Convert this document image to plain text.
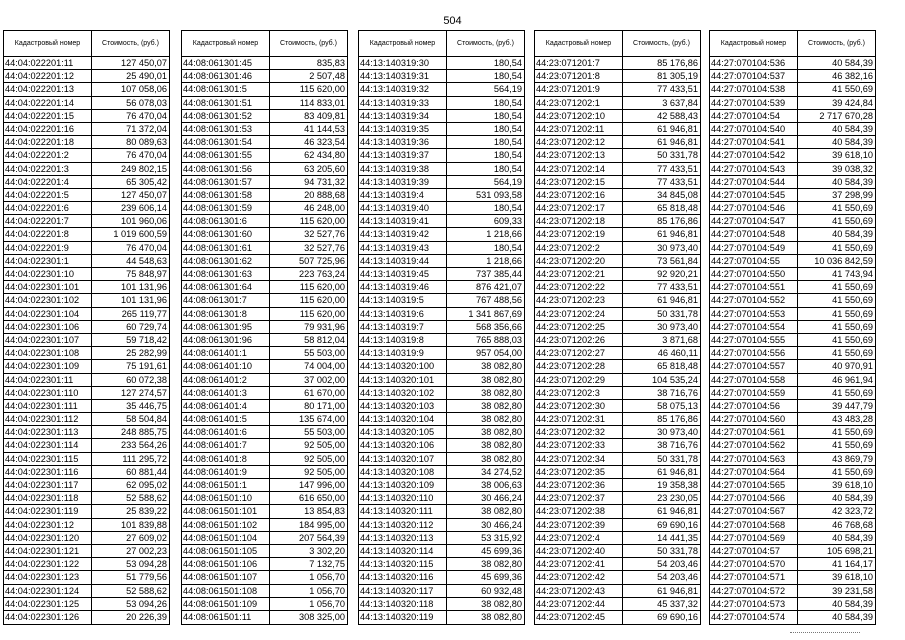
504
Кадастровый номер	Стоимость, (руб.)
44:04:022201:11	127 450,07
44:04:022201:12	25 490,01
44:04:022201:13	107 058,06
44:04:022201:14	56 078,03
44:04:022201:15	76 470,04
44:04:022201:16	71 372,04
44:04:022201:18	80 089,63
44:04:022201:2	76 470,04
44:04:022201:3	249 802,15
44:04:022201:4	65 305,42
44:04:022201:5	127 450,07
44:04:022201:6	239 606,14
44:04:022201:7	101 960,06
44:04:022201:8	1 019 600,59
44:04:022201:9	76 470,04
44:04:022301:1	44 548,63
44:04:022301:10	75 848,97
44:04:022301:101	101 131,96
44:04:022301:102	101 131,96
44:04:022301:104	265 119,77
44:04:022301:106	60 729,74
44:04:022301:107	59 718,42
44:04:022301:108	25 282,99
44:04:022301:109	75 191,61
44:04:022301:11	60 072,38
44:04:022301:110	127 274,57
44:04:022301:111	35 446,75
44:04:022301:112	58 504,84
44:04:022301:113	248 885,75
44:04:022301:114	233 564,26
44:04:022301:115	111 295,72
44:04:022301:116	60 881,44
44:04:022301:117	62 095,02
44:04:022301:118	52 588,62
44:04:022301:119	25 839,22
44:04:022301:12	101 839,88
44:04:022301:120	27 609,02
44:04:022301:121	27 002,23
44:04:022301:122	53 094,28
44:04:022301:123	51 779,56
44:04:022301:124	52 588,62
44:04:022301:125	53 094,26
44:04:022301:126	20 226,39
Кадастровый номер	Стоимость, (руб.)
44:08:061301:45	835,83
44:08:061301:46	2 507,48
44:08:061301:5	115 620,00
44:08:061301:51	114 833,01
44:08:061301:52	83 409,81
44:08:061301:53	41 144,53
44:08:061301:54	46 323,54
44:08:061301:55	62 434,80
44:08:061301:56	63 205,60
44:08:061301:57	94 731,32
44:08:061301:58	20 888,68
44:08:061301:59	46 248,00
44:08:061301:6	115 620,00
44:08:061301:60	32 527,76
44:08:061301:61	32 527,76
44:08:061301:62	507 725,96
44:08:061301:63	223 763,24
44:08:061301:64	115 620,00
44:08:061301:7	115 620,00
44:08:061301:8	115 620,00
44:08:061301:95	79 931,96
44:08:061301:96	58 812,04
44:08:061401:1	55 503,00
44:08:061401:10	74 004,00
44:08:061401:2	37 002,00
44:08:061401:3	61 670,00
44:08:061401:4	80 171,00
44:08:061401:5	135 674,00
44:08:061401:6	55 503,00
44:08:061401:7	92 505,00
44:08:061401:8	92 505,00
44:08:061401:9	92 505,00
44:08:061501:1	147 996,00
44:08:061501:10	616 650,00
44:08:061501:101	13 854,83
44:08:061501:102	184 995,00
44:08:061501:104	207 564,39
44:08:061501:105	3 302,20
44:08:061501:106	7 132,75
44:08:061501:107	1 056,70
44:08:061501:108	1 056,70
44:08:061501:109	1 056,70
44:08:061501:11	308 325,00
Кадастровый номер	Стоимость, (руб.)
44:13:140319:30	180,54
44:13:140319:31	180,54
44:13:140319:32	564,19
44:13:140319:33	180,54
44:13:140319:34	180,54
44:13:140319:35	180,54
44:13:140319:36	180,54
44:13:140319:37	180,54
44:13:140319:38	180,54
44:13:140319:39	564,19
44:13:140319:4	531 093,58
44:13:140319:40	180,54
44:13:140319:41	609,33
44:13:140319:42	1 218,66
44:13:140319:43	180,54
44:13:140319:44	1 218,66
44:13:140319:45	737 385,44
44:13:140319:46	876 421,07
44:13:140319:5	767 488,56
44:13:140319:6	1 341 867,69
44:13:140319:7	568 356,66
44:13:140319:8	765 888,03
44:13:140319:9	957 054,00
44:13:140320:100	38 082,80
44:13:140320:101	38 082,80
44:13:140320:102	38 082,80
44:13:140320:103	38 082,80
44:13:140320:104	38 082,80
44:13:140320:105	38 082,80
44:13:140320:106	38 082,80
44:13:140320:107	38 082,80
44:13:140320:108	34 274,52
44:13:140320:109	38 006,63
44:13:140320:110	30 466,24
44:13:140320:111	38 082,80
44:13:140320:112	30 466,24
44:13:140320:113	53 315,92
44:13:140320:114	45 699,36
44:13:140320:115	38 082,80
44:13:140320:116	45 699,36
44:13:140320:117	60 932,48
44:13:140320:118	38 082,80
44:13:140320:119	38 082,80
Кадастровый номер	Стоимость, (руб.)
44:23:071201:7	85 176,86
44:23:071201:8	81 305,19
44:23:071201:9	77 433,51
44:23:071202:1	3 637,84
44:23:071202:10	42 588,43
44:23:071202:11	61 946,81
44:23:071202:12	61 946,81
44:23:071202:13	50 331,78
44:23:071202:14	77 433,51
44:23:071202:15	77 433,51
44:23:071202:16	34 845,08
44:23:071202:17	65 818,48
44:23:071202:18	85 176,86
44:23:071202:19	61 946,81
44:23:071202:2	30 973,40
44:23:071202:20	73 561,84
44:23:071202:21	92 920,21
44:23:071202:22	77 433,51
44:23:071202:23	61 946,81
44:23:071202:24	50 331,78
44:23:071202:25	30 973,40
44:23:071202:26	3 871,68
44:23:071202:27	46 460,11
44:23:071202:28	65 818,48
44:23:071202:29	104 535,24
44:23:071202:3	38 716,76
44:23:071202:30	58 075,13
44:23:071202:31	85 176,86
44:23:071202:32	30 973,40
44:23:071202:33	38 716,76
44:23:071202:34	50 331,78
44:23:071202:35	61 946,81
44:23:071202:36	19 358,38
44:23:071202:37	23 230,05
44:23:071202:38	61 946,81
44:23:071202:39	69 690,16
44:23:071202:4	14 441,35
44:23:071202:40	50 331,78
44:23:071202:41	54 203,46
44:23:071202:42	54 203,46
44:23:071202:43	61 946,81
44:23:071202:44	45 337,32
44:23:071202:45	69 690,16
Кадастровый номер	Стоимость, (руб.)
44:27:070104:536	40 584,39
44:27:070104:537	46 382,16
44:27:070104:538	41 550,69
44:27:070104:539	39 424,84
44:27:070104:54	2 717 670,28
44:27:070104:540	40 584,39
44:27:070104:541	40 584,39
44:27:070104:542	39 618,10
44:27:070104:543	39 038,32
44:27:070104:544	40 584,39
44:27:070104:545	37 298,99
44:27:070104:546	41 550,69
44:27:070104:547	41 550,69
44:27:070104:548	40 584,39
44:27:070104:549	41 550,69
44:27:070104:55	10 036 842,59
44:27:070104:550	41 743,94
44:27:070104:551	41 550,69
44:27:070104:552	41 550,69
44:27:070104:553	41 550,69
44:27:070104:554	41 550,69
44:27:070104:555	41 550,69
44:27:070104:556	41 550,69
44:27:070104:557	40 970,91
44:27:070104:558	46 961,94
44:27:070104:559	41 550,69
44:27:070104:56	39 447,79
44:27:070104:560	43 483,28
44:27:070104:561	41 550,69
44:27:070104:562	41 550,69
44:27:070104:563	43 869,79
44:27:070104:564	41 550,69
44:27:070104:565	39 618,10
44:27:070104:566	40 584,39
44:27:070104:567	42 323,72
44:27:070104:568	46 768,68
44:27:070104:569	40 584,39
44:27:070104:57	105 698,21
44:27:070104:570	41 164,17
44:27:070104:571	39 618,10
44:27:070104:572	39 231,58
44:27:070104:573	40 584,39
44:27:070104:574	40 584,39
